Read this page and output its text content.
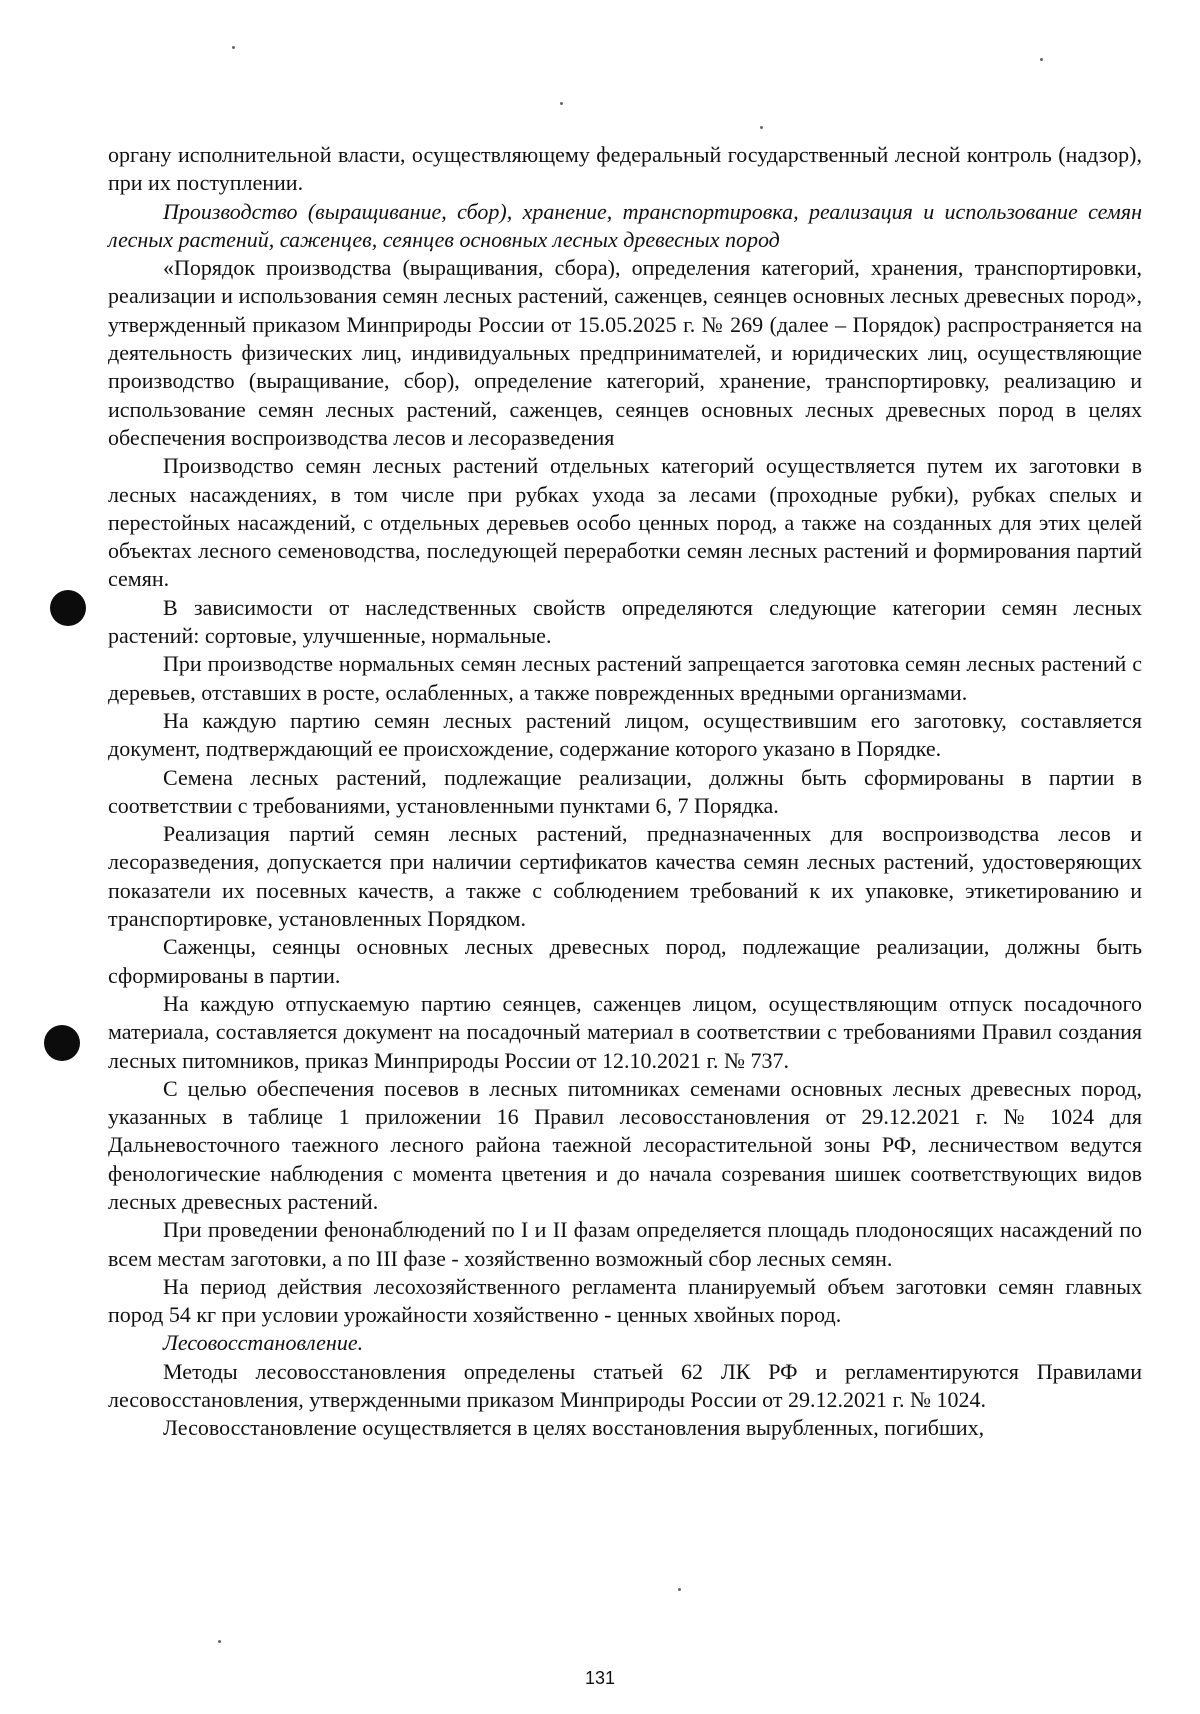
органу исполнительной власти, осуществляющему федеральный государственный лесной контроль (надзор), при их поступлении.

Производство (выращивание, сбор), хранение, транспортировка, реализация и использование семян лесных растений, саженцев, сеянцев основных лесных древесных пород

«Порядок производства (выращивания, сбора), определения категорий, хранения, транспортировки, реализации и использования семян лесных растений, саженцев, сеянцев основных лесных древесных пород», утвержденный приказом Минприроды России от 15.05.2025 г. № 269 (далее – Порядок) распространяется на деятельность физических лиц, индивидуальных предпринимателей, и юридических лиц, осуществляющие производство (выращивание, сбор), определение категорий, хранение, транспортировку, реализацию и использование семян лесных растений, саженцев, сеянцев основных лесных древесных пород в целях обеспечения воспроизводства лесов и лесоразведения

Производство семян лесных растений отдельных категорий осуществляется путем их заготовки в лесных насаждениях, в том числе при рубках ухода за лесами (проходные рубки), рубках спелых и перестойных насаждений, с отдельных деревьев особо ценных пород, а также на созданных для этих целей объектах лесного семеноводства, последующей переработки семян лесных растений и формирования партий семян.

В зависимости от наследственных свойств определяются следующие категории семян лесных растений: сортовые, улучшенные, нормальные.

При производстве нормальных семян лесных растений запрещается заготовка семян лесных растений с деревьев, отставших в росте, ослабленных, а также поврежденных вредными организмами.

На каждую партию семян лесных растений лицом, осуществившим его заготовку, составляется документ, подтверждающий ее происхождение, содержание которого указано в Порядке.

Семена лесных растений, подлежащие реализации, должны быть сформированы в партии в соответствии с требованиями, установленными пунктами 6, 7 Порядка.

Реализация партий семян лесных растений, предназначенных для воспроизводства лесов и лесоразведения, допускается при наличии сертификатов качества семян лесных растений, удостоверяющих показатели их посевных качеств, а также с соблюдением требований к их упаковке, этикетированию и транспортировке, установленных Порядком.

Саженцы, сеянцы основных лесных древесных пород, подлежащие реализации, должны быть сформированы в партии.

На каждую отпускаемую партию сеянцев, саженцев лицом, осуществляющим отпуск посадочного материала, составляется документ на посадочный материал в соответствии с требованиями Правил создания лесных питомников, приказ Минприроды России от 12.10.2021 г. № 737.

С целью обеспечения посевов в лесных питомниках семенами основных лесных древесных пород, указанных в таблице 1 приложении 16 Правил лесовосстановления от 29.12.2021 г. № 1024 для Дальневосточного таежного лесного района таежной лесорастительной зоны РФ, лесничеством ведутся фенологические наблюдения с момента цветения и до начала созревания шишек соответствующих видов лесных древесных растений.

При проведении фенонаблюдений по I и II фазам определяется площадь плодоносящих насаждений по всем местам заготовки, а по III фазе - хозяйственно возможный сбор лесных семян.

На период действия лесохозяйственного регламента планируемый объем заготовки семян главных пород 54 кг при условии урожайности хозяйственно - ценных хвойных пород.

Лесовосстановление.

Методы лесовосстановления определены статьей 62 ЛК РФ и регламентируются Правилами лесовосстановления, утвержденными приказом Минприроды России от 29.12.2021 г. № 1024.

Лесовосстановление осуществляется в целях восстановления вырубленных, погибших,

131
